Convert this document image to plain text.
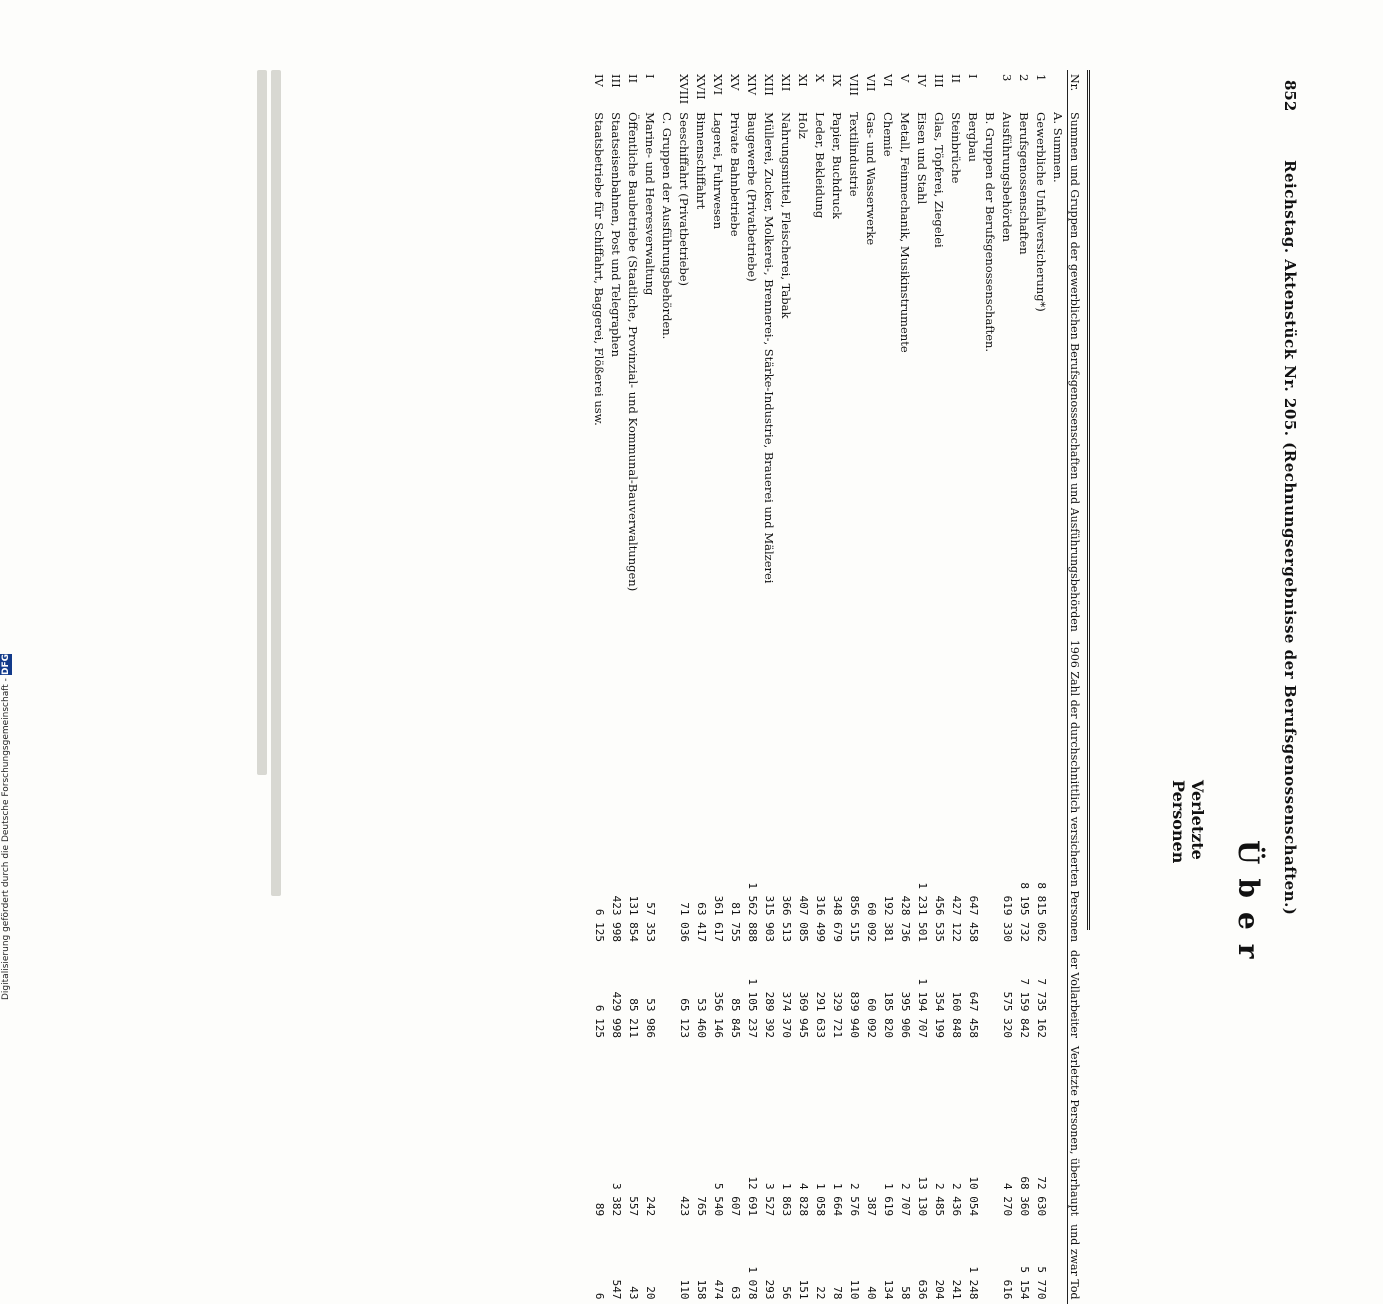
852
Reichstag. Aktenstück Nr. 205. (Rechnungsergebnisse der Berufsgenossenschaften.)
Über
Verletzte Personen
Nr.	Summen und Gruppen der gewerblichen Berufsgenossenschaften und Ausführungsbehörden	1906 Zahl der durchschnittlich versicherten Personen	der Vollarbeiter	Verletzte Personen, überhaupt	und zwar Tod
	A. Summen.				
1	Gewerbliche Unfallversicherung*)	8 815 062	7 735 162	72 630	5 770
2	Berufsgenossenschaften	8 195 732	7 159 842	68 360	5 154
3	Ausführungsbehörden	619 330	575 320	4 270	616
	B. Gruppen der Berufsgenossenschaften.				
I	Bergbau	647 458	647 458	10 054	1 248
II	Steinbrüche	427 122	160 848	2 436	241
III	Glas, Töpferei, Ziegelei	456 535	354 199	2 485	204
IV	Eisen und Stahl	1 231 501	1 194 707	13 130	636
V	Metall, Feinmechanik, Musikinstrumente	428 736	395 906	2 707	58
VI	Chemie	192 381	185 820	1 619	134
VII	Gas- und Wasserwerke	60 092	60 092	387	40
VIII	Textilindustrie	856 515	839 940	2 576	110
IX	Papier, Buchdruck	348 679	329 721	1 664	78
X	Leder, Bekleidung	316 499	291 633	1 058	22
XI	Holz	407 085	369 945	4 828	151
XII	Nahrungsmittel, Fleischerei, Tabak	366 513	374 370	1 863	56
XIII	Müllerei, Zucker, Molkerei-, Brennerei-, Stärke-Industrie, Brauerei und Mälzerei	315 903	289 392	3 527	293
XIV	Baugewerbe (Privatbetriebe)	1 562 888	1 105 237	12 691	1 078
XV	Private Bahnbetriebe	81 755	85 845	607	63
XVI	Lagerei, Fuhrwesen	361 617	356 146	5 540	474
XVII	Binnenschiffahrt	63 417	53 460	765	158
XVIII	Seeschiffahrt (Privatbetriebe)	71 036	65 123	423	110
	C. Gruppen der Ausführungsbehörden.				
I	Marine- und Heeresverwaltung	57 353	53 986	242	20
II	Öffentliche Baubetriebe (Staatliche, Provinzial- und Kommunal-Bauverwaltungen)	131 854	85 211	557	43
III	Staatseisenbahnen, Post und Telegraphen	423 998	429 998	3 382	547
IV	Staatsbetriebe für Schiffahrt, Baggerei, Flößerei usw.	6 125	6 125	89	6
Digitalisierung gefördert durch die Deutsche Forschungsgemeinschaft - DFG
